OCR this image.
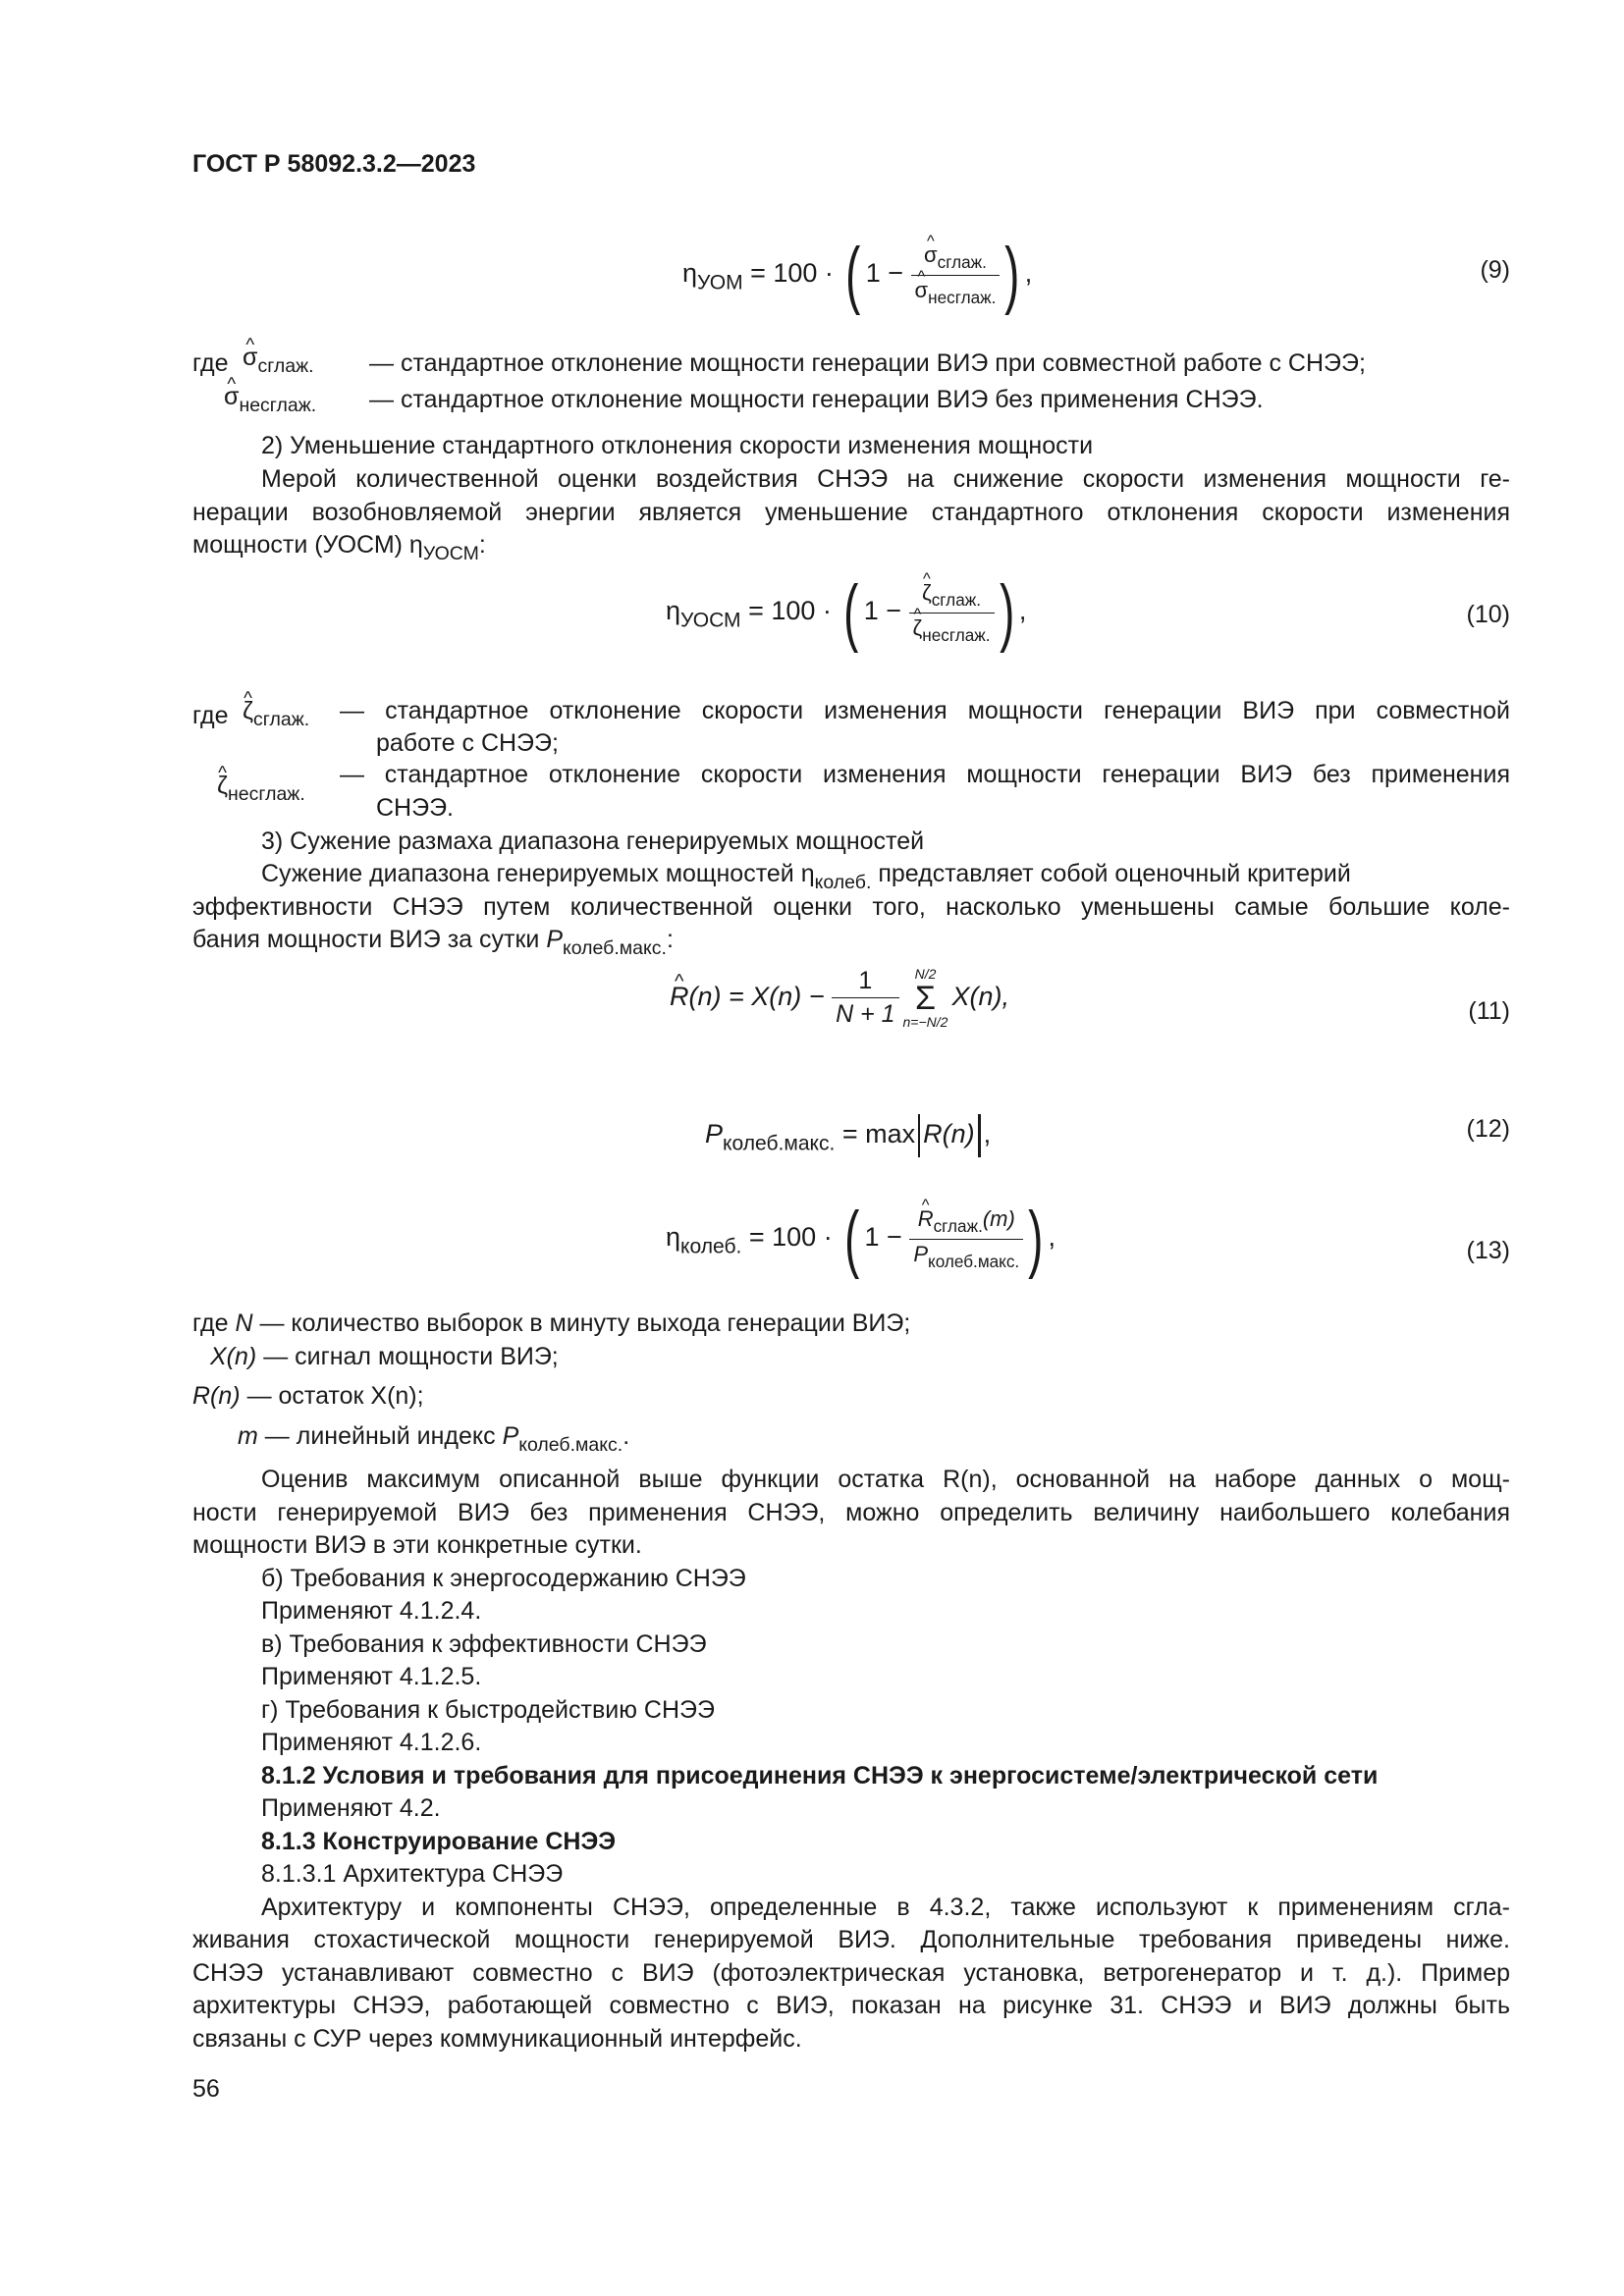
ГОСТ Р 58092.3.2—2023
$\eta_{УОМ} = 100$ · ( 1 − ^ $\sigma_{сглаж.}$
^ $\sigma_{несглаж.}$ ) ,	(9)
где ^ $\sigma_{сглаж.}$ — стандартное отклонение мощности генерации ВИЭ при совместной работе с СНЭЭ;
^ $\sigma_{несглаж.}$ — стандартное отклонение мощности генерации ВИЭ без применения СНЭЭ.
2) Уменьшение стандартного отклонения скорости изменения мощности
Мерой количественной оценки воздействия СНЭЭ на снижение скорости изменения мощности ге-
нерации возобновляемой энергии является уменьшение стандартного отклонения скорости изменения
мощности (УОСМ) $\eta_{УОСМ}$:
$\eta_{УОСМ} = 100$ · ( 1 − ^ $\zeta_{сглаж.}$
^ $\zeta_{несглаж.}$ ) ,	(10)
где ^ $\zeta_{сглаж.}$ — стандартное отклонение скорости изменения мощности генерации ВИЭ при совместной
работе с СНЭЭ;
^ $\zeta_{несглаж.}$
— стандартное отклонение скорости изменения мощности генерации ВИЭ без применения
СНЭЭ.
3) Сужение размаха диапазона генерируемых мощностей
Сужение диапазона генерируемых мощностей $\eta_{колеб.}$ представляет собой оценочный критерий
эффективности СНЭЭ путем количественной оценки того, насколько уменьшены самые большие коле-
бания мощности ВИЭ за сутки $P_{колеб.макс.}$:
^ $R(n) = X(n) - \frac{1}{N + 1} N/2$
Σ
n=−N/2X(n),
(11)
$P_{колеб.макс.} = \max R(n)$ ,	(12)
$\eta_{колеб.} = 100$ · ( 1 − ^ $\frac{R_{сглаж.}(m)}{P_{колеб.макс.}}$ ) ,	(13)
где N — количество выборок в минуту выхода генерации ВИЭ;
X(n) — сигнал мощности ВИЭ;
R(n) — остаток X(n);
m — линейный индекс $P_{колеб.макс.}$.
Оценив максимум описанной выше функции остатка R(n), основанной на наборе данных о мощ-
ности генерируемой ВИЭ без применения СНЭЭ, можно определить величину наибольшего колебания
мощности ВИЭ в эти конкретные сутки.
б) Требования к энергосодержанию СНЭЭ
Применяют 4.1.2.4.
в) Требования к эффективности СНЭЭ
Применяют 4.1.2.5.
г) Требования к быстродействию СНЭЭ
Применяют 4.1.2.6.
8.1.2 Условия и требования для присоединения СНЭЭ к энергосистеме/электрической сети
Применяют 4.2.
8.1.3 Конструирование СНЭЭ
8.1.3.1 Архитектура СНЭЭ
Архитектуру и компоненты СНЭЭ, определенные в 4.3.2, также используют к применениям сгла-
живания стохастической мощности генерируемой ВИЭ. Дополнительные требования приведены ниже.
СНЭЭ устанавливают совместно с ВИЭ (фотоэлектрическая установка, ветрогенератор и т. д.). Пример
архитектуры СНЭЭ, работающей совместно с ВИЭ, показан на рисунке 31. СНЭЭ и ВИЭ должны быть
связаны с СУР через коммуникационный интерфейс.
56
